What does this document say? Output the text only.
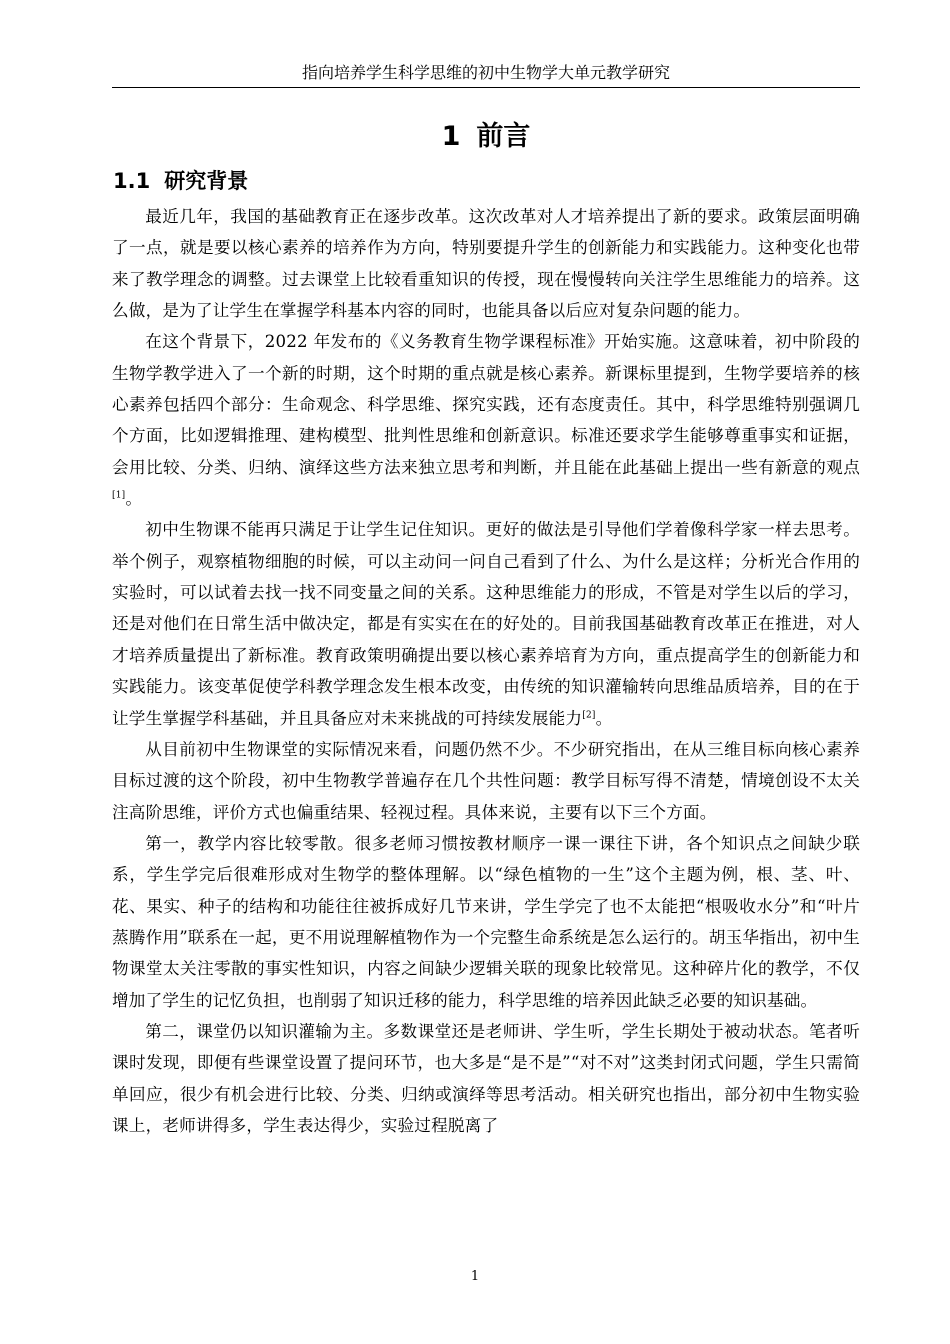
指向培养学生科学思维的初中生物学大单元教学研究
1 前言
1.1 研究背景

最近几年，我国的基础教育正在逐步改革。这次改革对人才培养提出了新的要求。政策层面明确了一点，就是要以核心素养的培养作为方向，特别要提升学生的创新能力和实践能力。这种变化也带来了教学理念的调整。过去课堂上比较看重知识的传授，现在慢慢转向关注学生思维能力的培养。这么做，是为了让学生在掌握学科基本内容的同时，也能具备以后应对复杂问题的能力。

在这个背景下，2022 年发布的《义务教育生物学课程标准》开始实施。这意味着，初中阶段的生物学教学进入了一个新的时期，这个时期的重点就是核心素养。新课标里提到，生物学要培养的核心素养包括四个部分：生命观念、科学思维、探究实践，还有态度责任。其中，科学思维特别强调几个方面，比如逻辑推理、建构模型、批判性思维和创新意识。标准还要求学生能够尊重事实和证据，会用比较、分类、归纳、演绎这些方法来独立思考和判断，并且能在此基础上提出一些有新意的观点[1]。

初中生物课不能再只满足于让学生记住知识。更好的做法是引导他们学着像科学家一样去思考。举个例子，观察植物细胞的时候，可以主动问一问自己看到了什么、为什么是这样；分析光合作用的实验时，可以试着去找一找不同变量之间的关系。这种思维能力的形成，不管是对学生以后的学习，还是对他们在日常生活中做决定，都是有实实在在的好处的。目前我国基础教育改革正在推进，对人才培养质量提出了新标准。教育政策明确提出要以核心素养培育为方向，重点提高学生的创新能力和实践能力。该变革促使学科教学理念发生根本改变，由传统的知识灌输转向思维品质培养，目的在于让学生掌握学科基础，并且具备应对未来挑战的可持续发展能力[2]。

从目前初中生物课堂的实际情况来看，问题仍然不少。不少研究指出，在从三维目标向核心素养目标过渡的这个阶段，初中生物教学普遍存在几个共性问题：教学目标写得不清楚，情境创设不太关注高阶思维，评价方式也偏重结果、轻视过程。具体来说，主要有以下三个方面。

第一，教学内容比较零散。很多老师习惯按教材顺序一课一课往下讲，各个知识点之间缺少联系，学生学完后很难形成对生物学的整体理解。以“绿色植物的一生”这个主题为例，根、茎、叶、花、果实、种子的结构和功能往往被拆成好几节来讲，学生学完了也不太能把“根吸收水分”和“叶片蒸腾作用”联系在一起，更不用说理解植物作为一个完整生命系统是怎么运行的。胡玉华指出，初中生物课堂太关注零散的事实性知识，内容之间缺少逻辑关联的现象比较常见。这种碎片化的教学，不仅增加了学生的记忆负担，也削弱了知识迁移的能力，科学思维的培养因此缺乏必要的知识基础。

第二，课堂仍以知识灌输为主。多数课堂还是老师讲、学生听，学生长期处于被动状态。笔者听课时发现，即便有些课堂设置了提问环节，也大多是“是不是”“对不对”这类封闭式问题，学生只需简单回应，很少有机会进行比较、分类、归纳或演绎等思考活动。相关研究也指出，部分初中生物实验课上，老师讲得多，学生表达得少，实验过程脱离了

1
